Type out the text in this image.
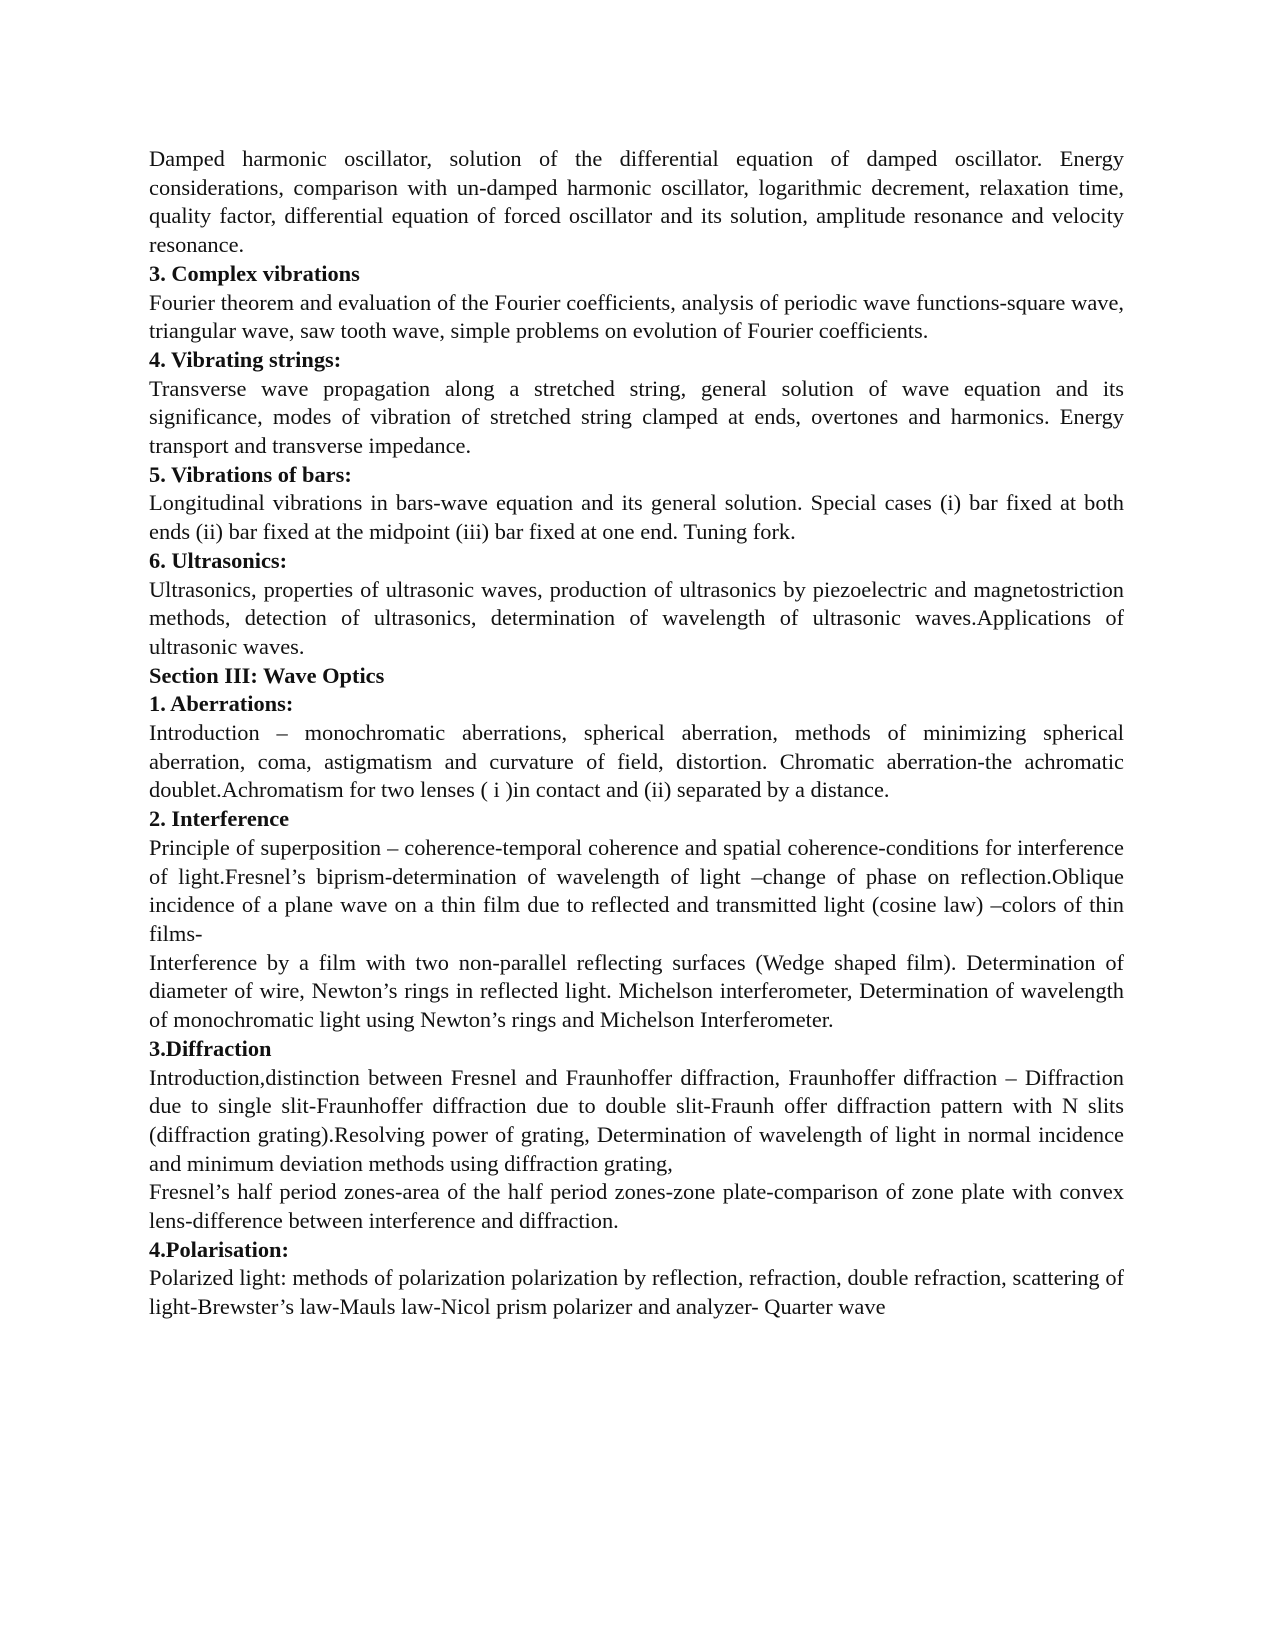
Damped harmonic oscillator, solution of the differential equation of damped oscillator. Energy considerations, comparison with un-damped harmonic oscillator, logarithmic decrement, relaxation time, quality factor, differential equation of forced oscillator and its solution, amplitude resonance and velocity resonance.

3. Complex vibrations

Fourier theorem and evaluation of the Fourier coefficients, analysis of periodic wave functions-square wave, triangular wave, saw tooth wave, simple problems on evolution of Fourier coefficients.

4. Vibrating strings:

Transverse wave propagation along a stretched string, general solution of wave equation and its significance, modes of vibration of stretched string clamped at ends, overtones and harmonics. Energy transport and transverse impedance.

5. Vibrations of bars:

Longitudinal vibrations in bars-wave equation and its general solution. Special cases (i) bar fixed at both ends (ii) bar fixed at the midpoint (iii) bar fixed at one end. Tuning fork.

6. Ultrasonics:

Ultrasonics, properties of ultrasonic waves, production of ultrasonics by piezoelectric and magnetostriction methods, detection of ultrasonics, determination of wavelength of ultrasonic waves.Applications of ultrasonic waves.

Section III: Wave Optics

1. Aberrations:

Introduction – monochromatic aberrations, spherical aberration, methods of minimizing spherical aberration, coma, astigmatism and curvature of field, distortion. Chromatic aberration-the achromatic doublet.Achromatism for two lenses ( i )in contact and (ii) separated by a distance.

2. Interference

Principle of superposition – coherence-temporal coherence and spatial coherence-conditions for interference of light.Fresnel’s biprism-determination of wavelength of light –change of phase on reflection.Oblique incidence of a plane wave on a thin film due to reflected and transmitted light (cosine law) –colors of thin films-

Interference by a film with two non-parallel reflecting surfaces (Wedge shaped film). Determination of diameter of wire, Newton’s rings in reflected light. Michelson interferometer, Determination of wavelength of monochromatic light using Newton’s rings and Michelson Interferometer.

3.Diffraction

Introduction,distinction between Fresnel and Fraunhoffer diffraction, Fraunhoffer diffraction – Diffraction due to single slit-Fraunhoffer diffraction due to double slit-Fraunh offer diffraction pattern with N slits (diffraction grating).Resolving power of grating, Determination of wavelength of light in normal incidence and minimum deviation methods using diffraction grating,

Fresnel’s half period zones-area of the half period zones-zone plate-comparison of zone plate with convex lens-difference between interference and diffraction.

4.Polarisation:

Polarized light: methods of polarization polarization by reflection, refraction, double refraction, scattering of light-Brewster’s law-Mauls law-Nicol prism polarizer and analyzer- Quarter wave
